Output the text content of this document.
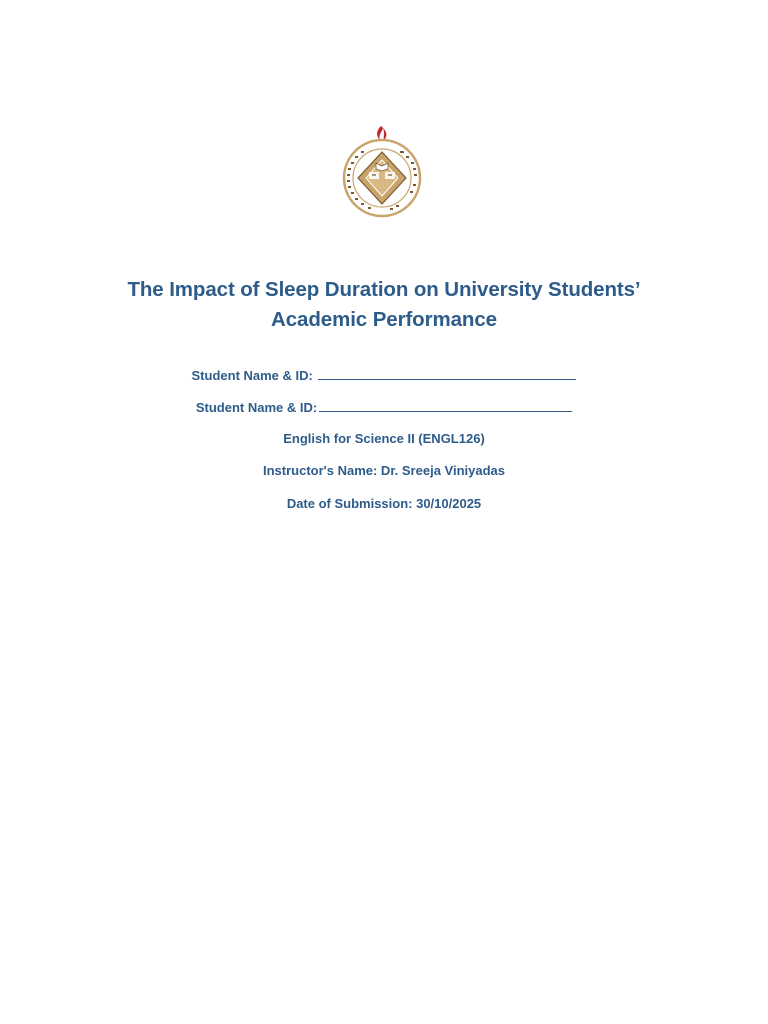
The Impact of Sleep Duration on University Students’
Academic Performance
Student Name & ID:
Student Name & ID:
English for Science II (ENGL126)
Instructor's Name: Dr. Sreeja Viniyadas
Date of Submission: 30/10/2025
